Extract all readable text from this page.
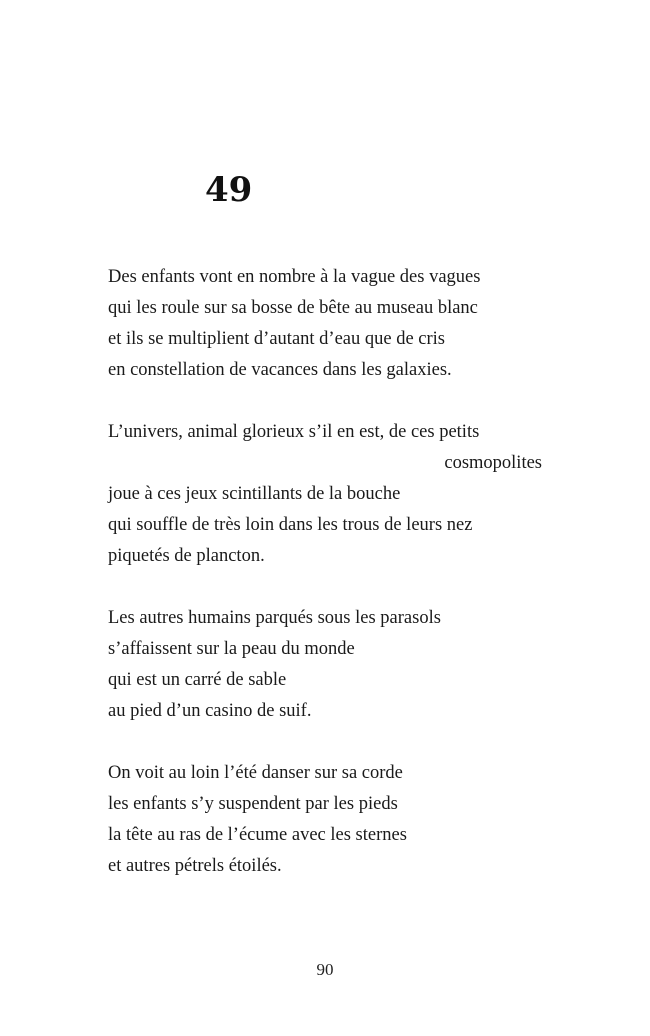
49
Des enfants vont en nombre à la vague des vagues
qui les roule sur sa bosse de bête au museau blanc
et ils se multiplient d’autant d’eau que de cris
en constellation de vacances dans les galaxies.
L’univers, animal glorieux s’il en est, de ces petits
cosmopolites
joue à ces jeux scintillants de la bouche
qui souffle de très loin dans les trous de leurs nez
piquetés de plancton.
Les autres humains parqués sous les parasols
s’affaissent sur la peau du monde
qui est un carré de sable
au pied d’un casino de suif.
On voit au loin l’été danser sur sa corde
les enfants s’y suspendent par les pieds
la tête au ras de l’écume avec les sternes
et autres pétrels étoilés.
90
